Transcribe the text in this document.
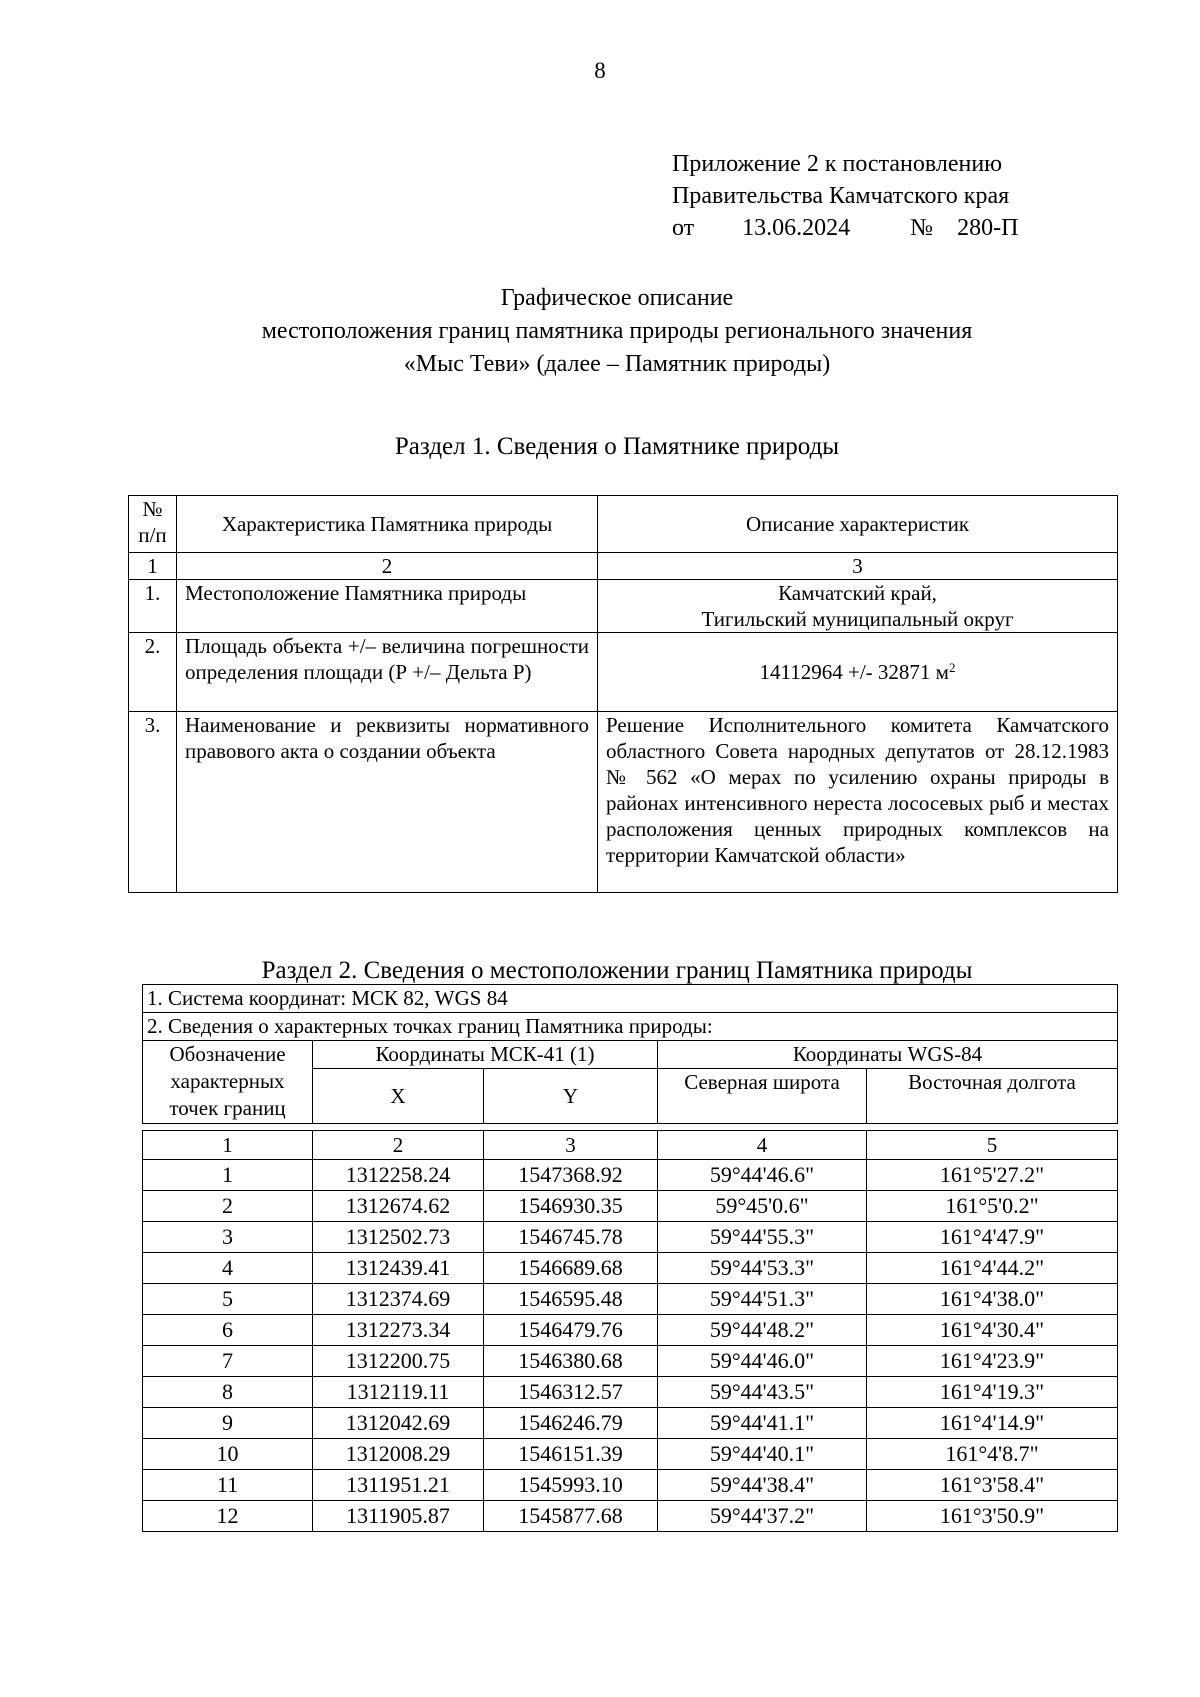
8
Приложение 2 к постановлению
Правительства Камчатского края
от 13.06.2024	№ 280-П
Графическое описание
местоположения границ памятника природы регионального значения
«Мыс Теви» (далее – Памятник природы)
Раздел 1. Сведения о Памятнике природы
№ п/п	Характеристика Памятника природы	Описание характеристик
1	2	3
1.	Местоположение Памятника природы	Камчатский край,
Тигильский муниципальный округ

2.	Площадь объекта +/– величина погрешности определения площади (Р +/– Дельта Р)	14112964 +/- 32871 $м^2$
3.	Наименование и реквизиты нормативного правового акта о создании объекта	Решение Исполнительного комитета Камчатского областного Совета народных депутатов от 28.12.1983 № 562 «О мерах по усилению охраны природы в районах интенсивного нереста лососевых рыб и местах расположения ценных природных комплексов на территории Камчатской области»
Раздел 2. Сведения о местоположении границ Памятника природы
1. Система координат: МСК 82, WGS 84				
2. Сведения о характерных точках границ Памятника природы:				
Обозначение характерных точек границ	Координаты МСК-41 (1)		Координаты WGS-84	
	X	Y	Северная широта	Восточная долгота
1	2	3	4	5
1	1312258.24	1547368.92	59°44'46.6"	161°5'27.2"
2	1312674.62	1546930.35	59°45'0.6"	161°5'0.2"
3	1312502.73	1546745.78	59°44'55.3"	161°4'47.9"
4	1312439.41	1546689.68	59°44'53.3"	161°4'44.2"
5	1312374.69	1546595.48	59°44'51.3"	161°4'38.0"
6	1312273.34	1546479.76	59°44'48.2"	161°4'30.4"
7	1312200.75	1546380.68	59°44'46.0"	161°4'23.9"
8	1312119.11	1546312.57	59°44'43.5"	161°4'19.3"
9	1312042.69	1546246.79	59°44'41.1"	161°4'14.9"
10	1312008.29	1546151.39	59°44'40.1"	161°4'8.7"
11	1311951.21	1545993.10	59°44'38.4"	161°3'58.4"
12	1311905.87	1545877.68	59°44'37.2"	161°3'50.9"
